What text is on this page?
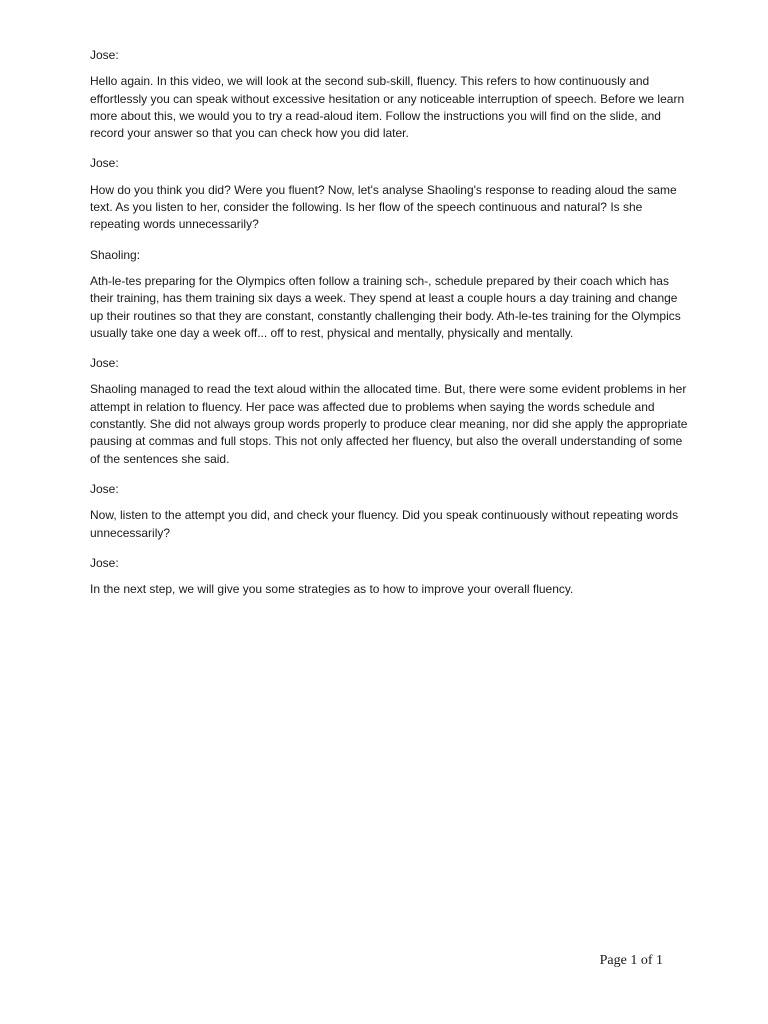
Jose:

Hello again. In this video, we will look at the second sub-skill, fluency. This refers to how continuously and effortlessly you can speak without excessive hesitation or any noticeable interruption of speech. Before we learn more about this, we would you to try a read-aloud item. Follow the instructions you will find on the slide, and record your answer so that you can check how you did later.

Jose:

How do you think you did? Were you fluent? Now, let's analyse Shaoling's response to reading aloud the same text. As you listen to her, consider the following. Is her flow of the speech continuous and natural? Is she repeating words unnecessarily?

Shaoling:

Ath-le-tes preparing for the Olympics often follow a training sch-, schedule prepared by their coach which has their training, has them training six days a week. They spend at least a couple hours a day training and change up their routines so that they are constant, constantly challenging their body. Ath-le-tes training for the Olympics usually take one day a week off... off to rest, physical and mentally, physically and mentally.

Jose:

Shaoling managed to read the text aloud within the allocated time. But, there were some evident problems in her attempt in relation to fluency. Her pace was affected due to problems when saying the words schedule and constantly. She did not always group words properly to produce clear meaning, nor did she apply the appropriate pausing at commas and full stops. This not only affected her fluency, but also the overall understanding of some of the sentences she said.

Jose:

Now, listen to the attempt you did, and check your fluency. Did you speak continuously without repeating words unnecessarily?

Jose:

In the next step, we will give you some strategies as to how to improve your overall fluency.

Page 1 of 1
